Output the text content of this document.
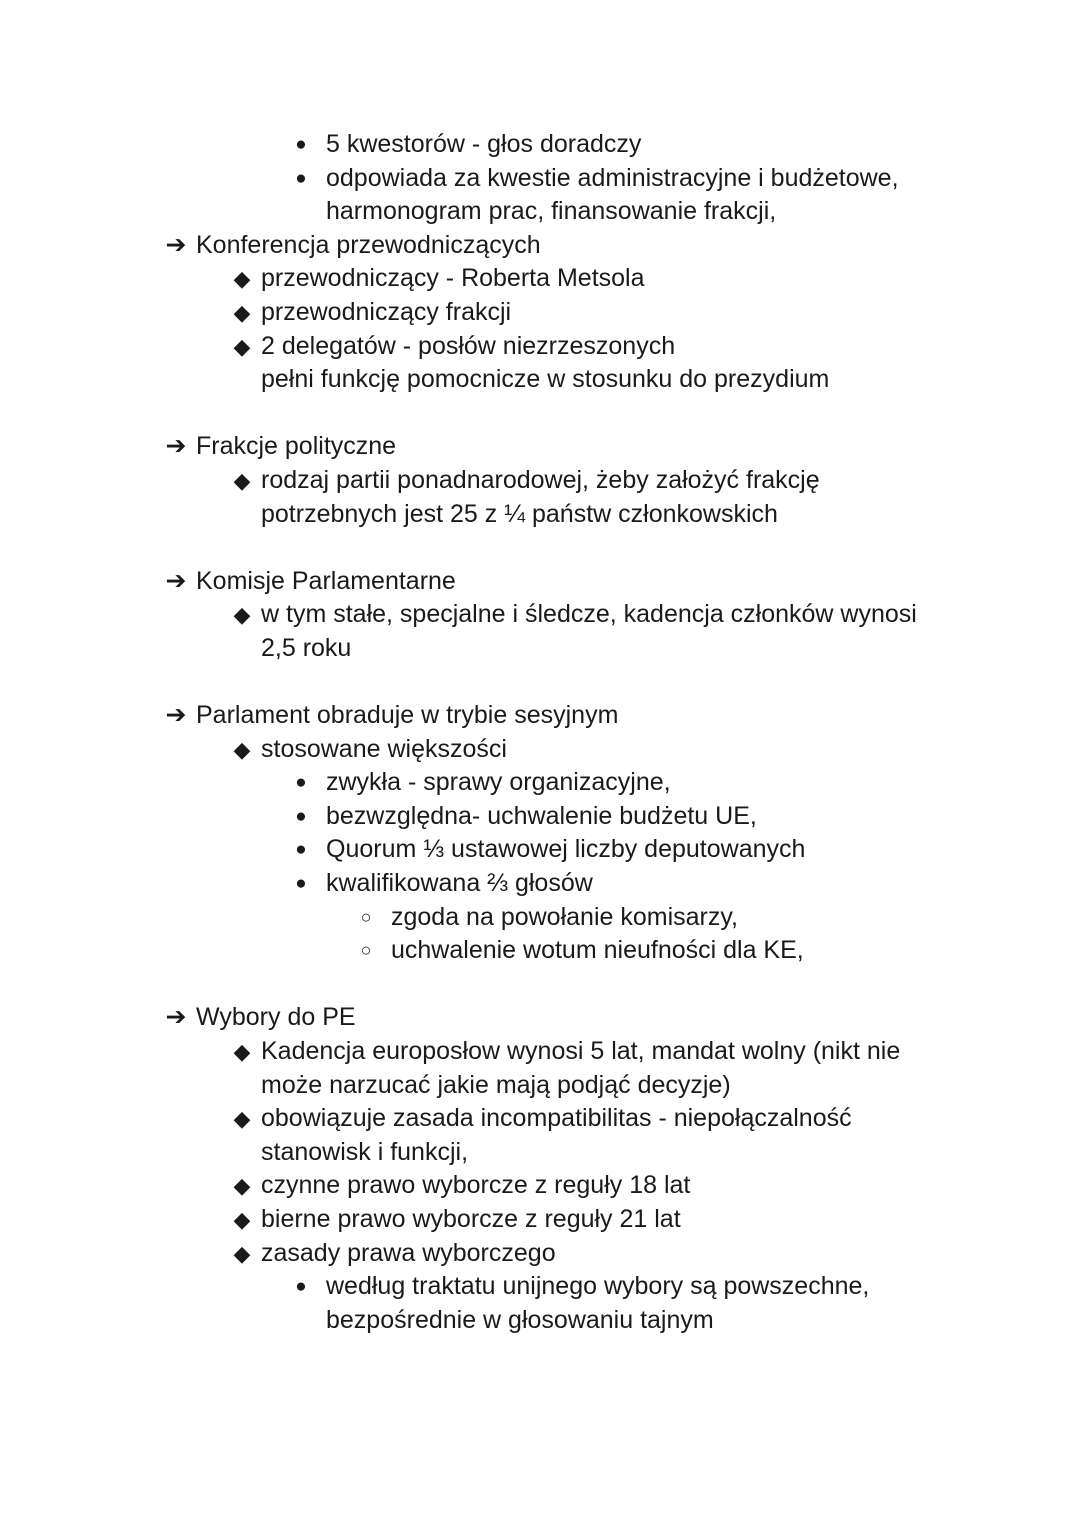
● 5 kwestorów - głos doradczy
● odpowiada za kwestie administracyjne i budżetowe,
harmonogram prac, finansowanie frakcji,
➔ Konferencja przewodniczących
◆ przewodniczący - Roberta Metsola
◆ przewodniczący frakcji
◆ 2 delegatów - posłów niezrzeszonych
pełni funkcję pomocnicze w stosunku do prezydium
➔ Frakcje polityczne
◆ rodzaj partii ponadnarodowej, żeby założyć frakcję
potrzebnych jest 25 z ¼ państw członkowskich
➔ Komisje Parlamentarne
◆ w tym stałe, specjalne i śledcze, kadencja członków wynosi
2,5 roku
➔ Parlament obraduje w trybie sesyjnym
◆ stosowane większości
● zwykła - sprawy organizacyjne,
● bezwzględna- uchwalenie budżetu UE,
● Quorum ⅓ ustawowej liczby deputowanych
● kwalifikowana ⅔ głosów
○ zgoda na powołanie komisarzy,
○ uchwalenie wotum nieufności dla KE,
➔ Wybory do PE
◆ Kadencja europosłow wynosi 5 lat, mandat wolny (nikt nie
może narzucać jakie mają podjąć decyzje)
◆ obowiązuje zasada incompatibilitas - niepołączalność
stanowisk i funkcji,
◆ czynne prawo wyborcze z reguły 18 lat
◆ bierne prawo wyborcze z reguły 21 lat
◆ zasady prawa wyborczego
● według traktatu unijnego wybory są powszechne,
bezpośrednie w głosowaniu tajnym
